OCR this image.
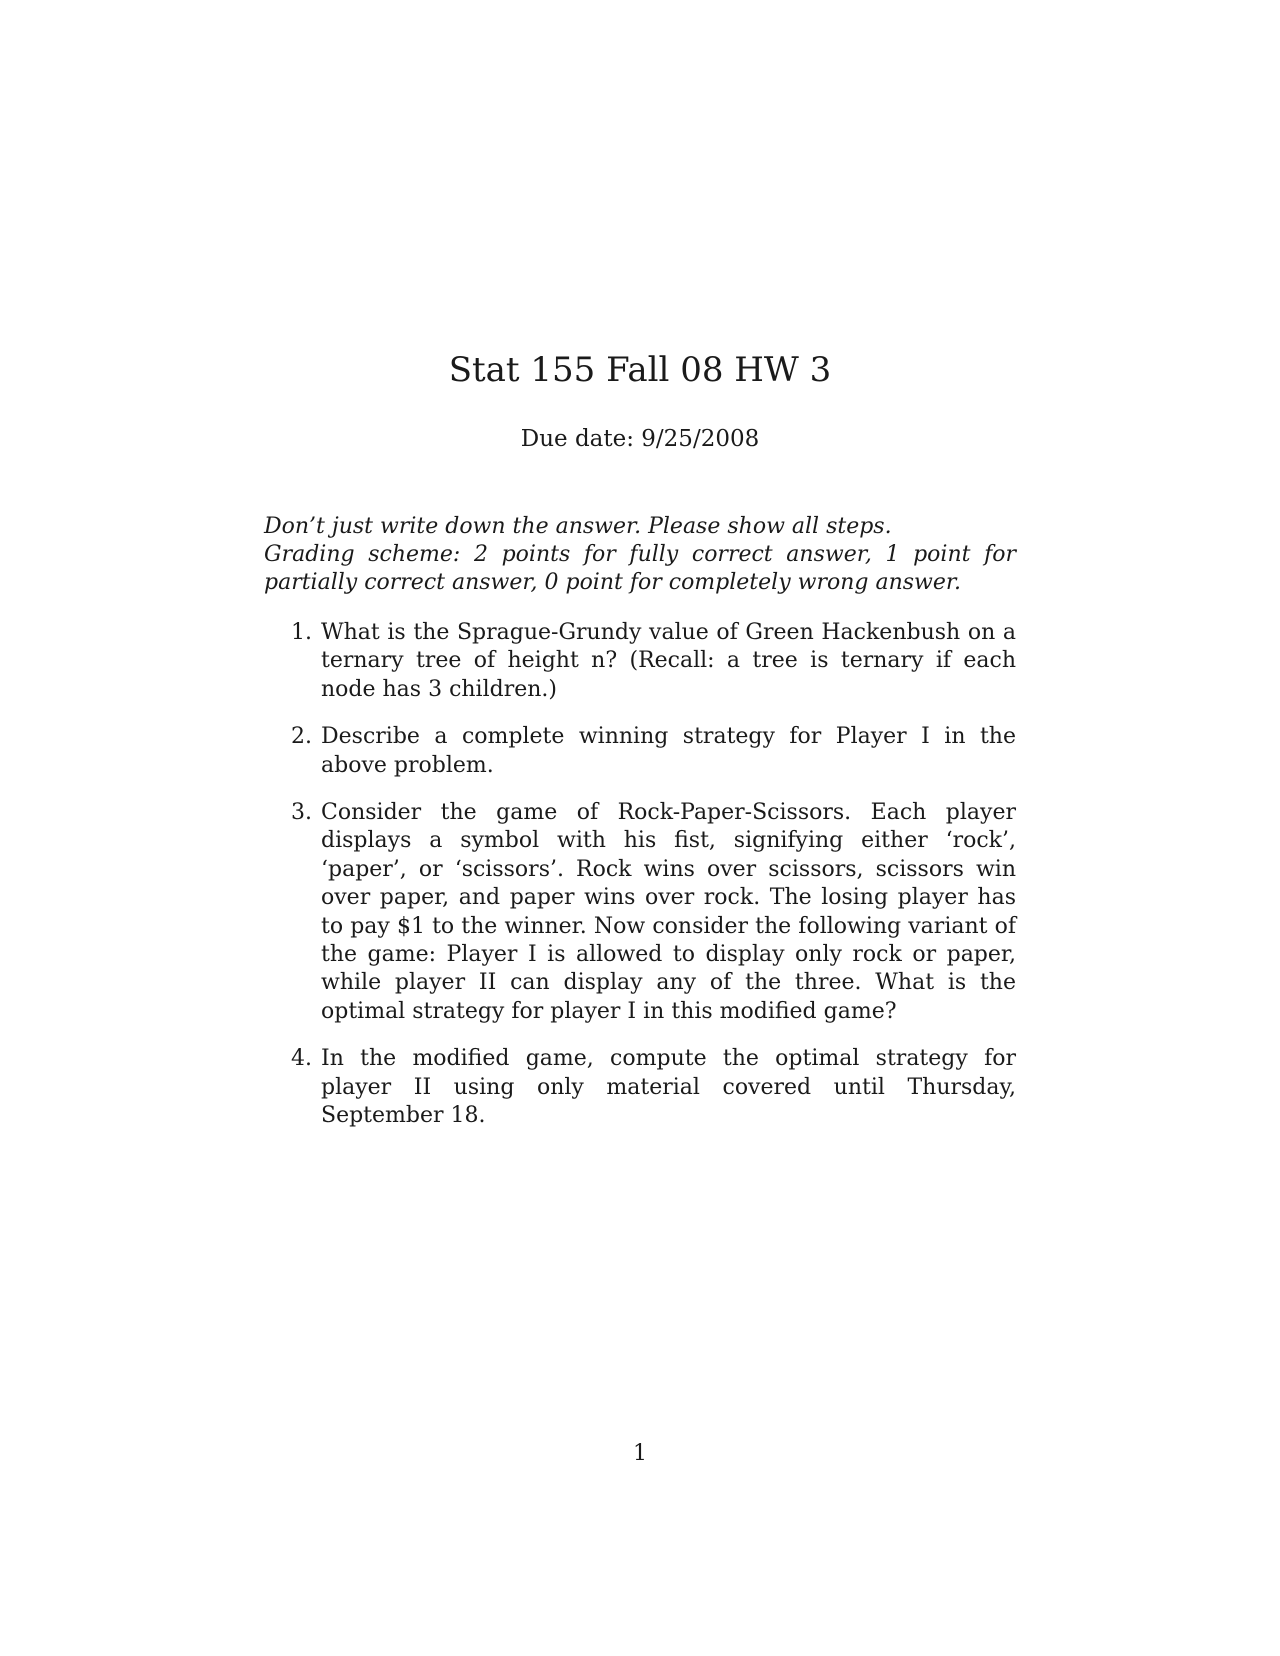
Stat 155 Fall 08 HW 3
Due date: 9/25/2008

Don’t just write down the answer. Please show all steps.

Grading scheme: 2 points for fully correct answer, 1 point for partially correct answer, 0 point for completely wrong answer.

1. What is the Sprague-Grundy value of Green Hackenbush on a ternary tree of height n? (Recall: a tree is ternary if each node has 3 children.)
2. Describe a complete winning strategy for Player I in the above problem.
3. Consider the game of Rock-Paper-Scissors. Each player displays a symbol with his fist, signifying either ‘rock’, ‘paper’, or ‘scissors’. Rock wins over scissors, scissors win over paper, and paper wins over rock. The losing player has to pay $1 to the winner. Now consider the following variant of the game: Player I is allowed to display only rock or paper, while player II can display any of the three. What is the optimal strategy for player I in this modified game?
4. In the modified game, compute the optimal strategy for player II using only material covered until Thursday, September 18.
1
